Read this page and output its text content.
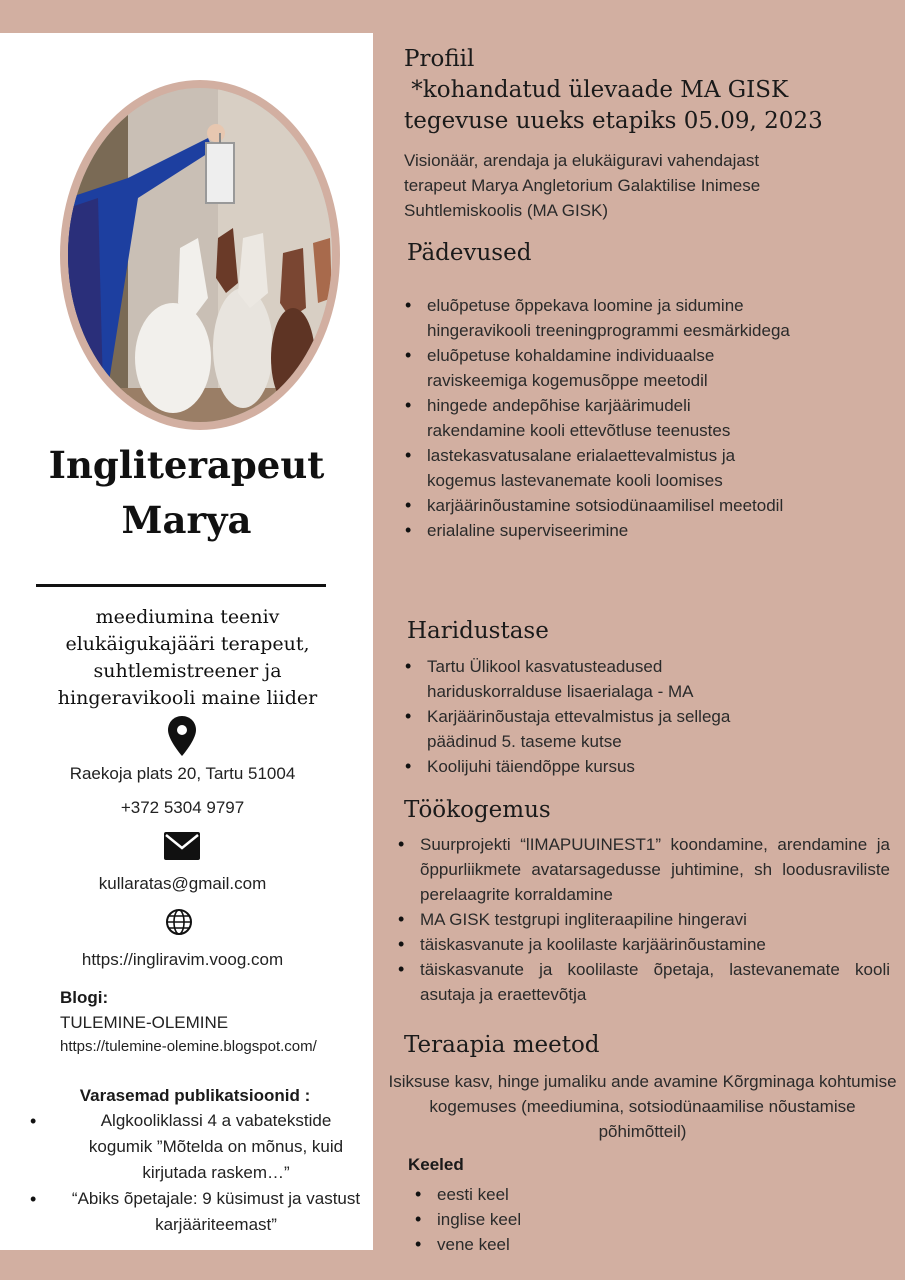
Ingliterapeut
Marya
meediumina teeniv
elukäigukajääri terapeut,
suhtlemistreener ja
hingeravikooli maine liider
Raekoja plats 20, Tartu 51004
+372 5304 9797
kullaratas@gmail.com
https://ingliravim.voog.com
Blogi:
TULEMINE-OLEMINE
https://tulemine-olemine.blogspot.com/
Varasemad publikatsioonid :
• Algkooliklassi 4 a vabatekstide kogumik ”Mõtelda on mõnus, kuid kirjutada raskem…”
• “Abiks õpetajale: 9 küsimust ja vastust karjääriteemast”
Profiil
*kohandatud ülevaade MA GISK
tegevuse uueks etapiks 05.09, 2023
Visionäär, arendaja ja elukäiguravi vahendajast terapeut Marya Angletorium Galaktilise Inimese Suhtlemiskoolis (MA GISK)
Pädevused
• eluõpetuse õppekava loomine ja sidumine hingeravikooli treeningprogrammi eesmärkidega
• eluõpetuse kohaldamine individuaalse raviskeemiga kogemusõppe meetodil
• hingede andepõhise karjäärimudeli rakendamine kooli ettevõtluse teenustes
• lastekasvatusalane erialaettevalmistus ja kogemus lastevanemate kooli loomises
• karjäärinõustamine sotsiodünaamilisel meetodil
• erialaline superviseerimine
Haridustase
• Tartu Ülikool kasvatusteadused hariduskorralduse lisaerialaga - MA
• Karjäärinõustaja ettevalmistus ja sellega päädinud 5. taseme kutse
• Koolijuhi täiendõppe kursus
Töökogemus
• Suurprojekti “lIMAPUUINEST1” koondamine, arendamine ja õppurliikmete avatarsagedusse juhtimine, sh loodusraviliste perelaagrite korraldamine
• MA GISK testgrupi ingliteraapiline hingeravi
• täiskasvanute ja koolilaste karjäärinõustamine
• täiskasvanute ja koolilaste õpetaja, lastevanemate kooli asutaja ja eraettevõtja
Teraapia meetod
Isiksuse kasv, hinge jumaliku ande avamine Kõrgminaga kohtumise kogemuses (meediumina, sotsiodünaamilise nõustamise põhimõtteil)
Keeled
• eesti keel
• inglise keel
• vene keel
